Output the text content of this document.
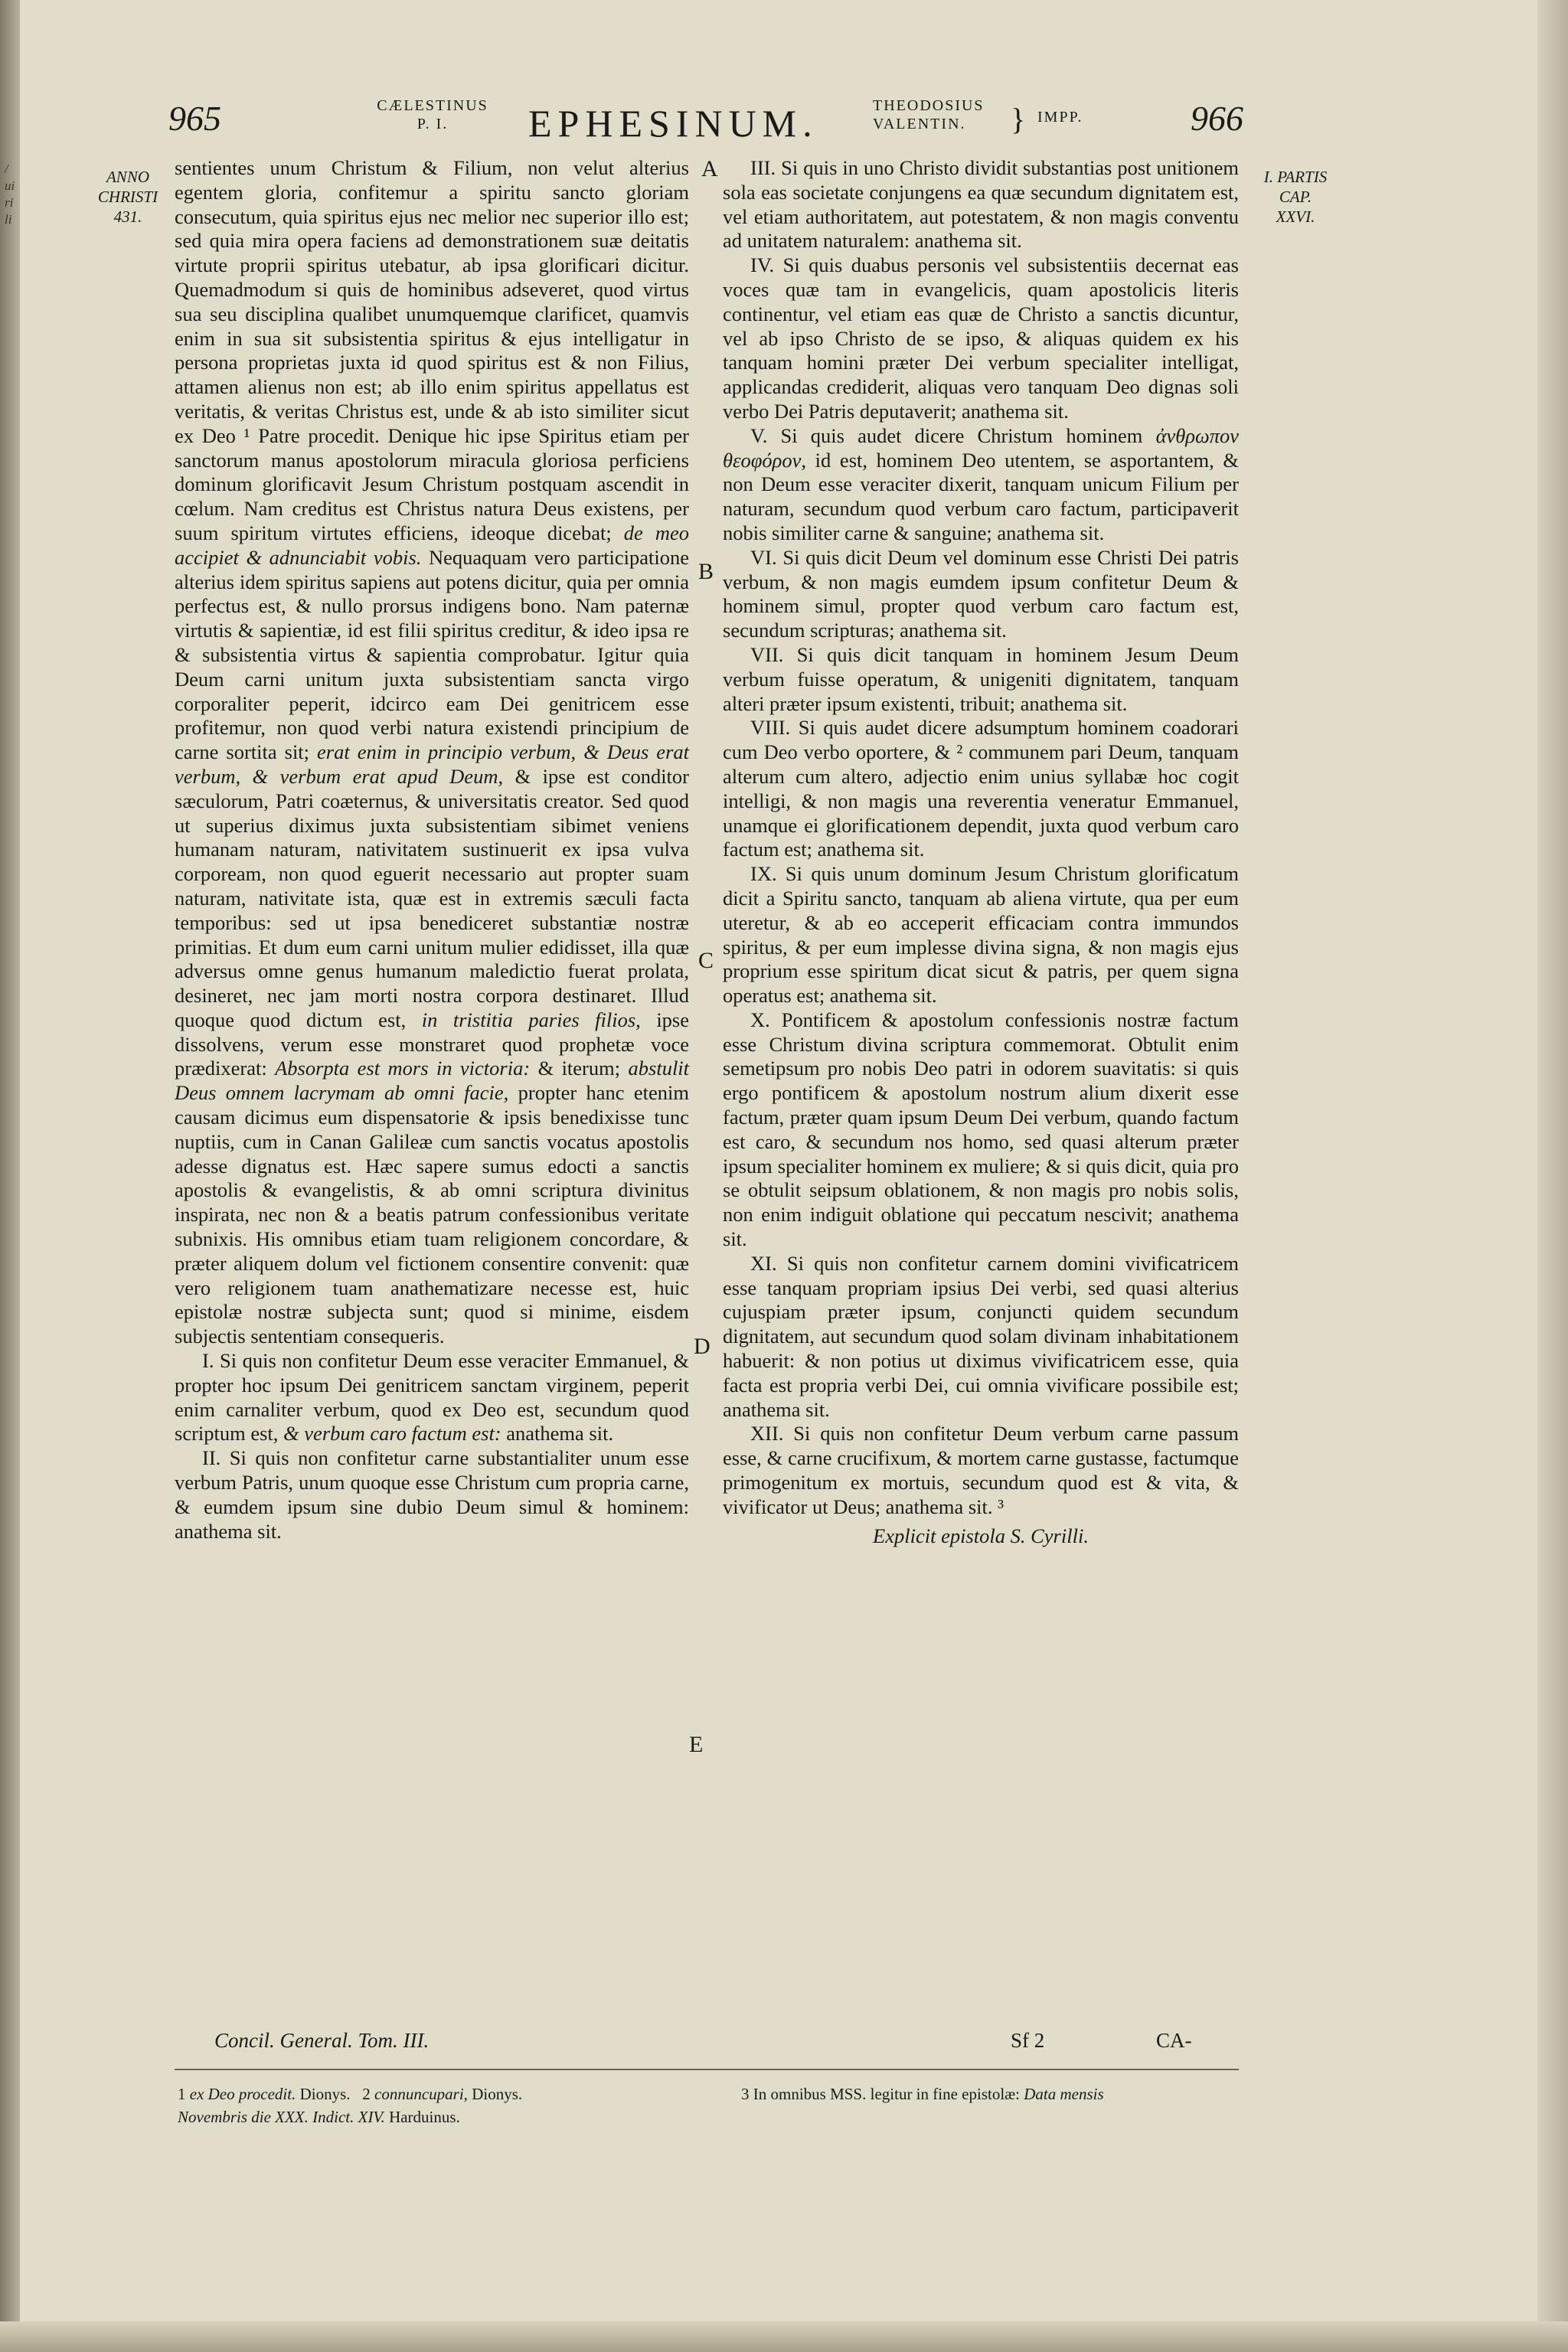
/
ui
ri
li
965	CÆLESTINUS
P. I.	EPHESINUM.	THEODOSIUS
VALENTIN.	} IMPP.	966
ANNO
CHRISTI
431.
I. PARTIS
CAP.
XXVI.
A
B
C
D
E

sentientes unum Christum & Filium, non velut alterius egentem gloria, confitemur a spiritu sancto gloriam consecutum, quia spiritus ejus nec melior nec superior illo est; sed quia mira opera faciens ad demonstrationem suæ deitatis virtute proprii spiritus utebatur, ab ipsa glorificari dicitur. Quemadmodum si quis de hominibus adseveret, quod virtus sua seu disciplina qualibet unumquemque clarificet, quamvis enim in sua sit subsistentia spiritus & ejus intelligatur in persona proprietas juxta id quod spiritus est & non Filius, attamen alienus non est; ab illo enim spiritus appellatus est veritatis, & veritas Christus est, unde & ab isto similiter sicut ex Deo ¹ Patre procedit. Denique hic ipse Spiritus etiam per sanctorum manus apostolorum miracula gloriosa perficiens dominum glorificavit Jesum Christum postquam ascendit in cœlum. Nam creditus est Christus natura Deus existens, per suum spiritum virtutes efficiens, ideoque dicebat; de meo accipiet & adnunciabit vobis. Nequaquam vero participatione alterius idem spiritus sapiens aut potens dicitur, quia per omnia perfectus est, & nullo prorsus indigens bono. Nam paternæ virtutis & sapientiæ, id est filii spiritus creditur, & ideo ipsa re & subsistentia virtus & sapientia comprobatur. Igitur quia Deum carni unitum juxta subsistentiam sancta virgo corporaliter peperit, idcirco eam Dei genitricem esse profitemur, non quod verbi natura existendi principium de carne sortita sit; erat enim in principio verbum, & Deus erat verbum, & verbum erat apud Deum, & ipse est conditor sæculorum, Patri coæternus, & universitatis creator. Sed quod ut superius diximus juxta subsistentiam sibimet veniens humanam naturam, nativitatem sustinuerit ex ipsa vulva corpoream, non quod eguerit necessario aut propter suam naturam, nativitate ista, quæ est in extremis sæculi facta temporibus: sed ut ipsa benediceret substantiæ nostræ primitias. Et dum eum carni unitum mulier edidisset, illa quæ adversus omne genus humanum maledictio fuerat prolata, desineret, nec jam morti nostra corpora destinaret. Illud quoque quod dictum est, in tristitia paries filios, ipse dissolvens, verum esse monstraret quod prophetæ voce prædixerat: Absorpta est mors in victoria: & iterum; abstulit Deus omnem lacrymam ab omni facie, propter hanc etenim causam dicimus eum dispensatorie & ipsis benedixisse tunc nuptiis, cum in Canan Galileæ cum sanctis vocatus apostolis adesse dignatus est. Hæc sapere sumus edocti a sanctis apostolis & evangelistis, & ab omni scriptura divinitus inspirata, nec non & a beatis patrum confessionibus veritate subnixis. His omnibus etiam tuam religionem concordare, & præter aliquem dolum vel fictionem consentire convenit: quæ vero religionem tuam anathematizare necesse est, huic epistolæ nostræ subjecta sunt; quod si minime, eisdem subjectis sententiam consequeris.

I. Si quis non confitetur Deum esse veraciter Emmanuel, & propter hoc ipsum Dei genitricem sanctam virginem, peperit enim carnaliter verbum, quod ex Deo est, secundum quod scriptum est, & verbum caro factum est: anathema sit.

II. Si quis non confitetur carne substantialiter unum esse verbum Patris, unum quoque esse Christum cum propria carne, & eumdem ipsum sine dubio Deum simul & hominem: anathema sit.

III. Si quis in uno Christo dividit substantias post unitionem sola eas societate conjungens ea quæ secundum dignitatem est, vel etiam authoritatem, aut potestatem, & non magis conventu ad unitatem naturalem: anathema sit.

IV. Si quis duabus personis vel subsistentiis decernat eas voces quæ tam in evangelicis, quam apostolicis literis continentur, vel etiam eas quæ de Christo a sanctis dicuntur, vel ab ipso Christo de se ipso, & aliquas quidem ex his tanquam homini præter Dei verbum specialiter intelligat, applicandas crediderit, aliquas vero tanquam Deo dignas soli verbo Dei Patris deputaverit; anathema sit.

V. Si quis audet dicere Christum hominem ἀνθρωπον θεοφόρον, id est, hominem Deo utentem, se asportantem, & non Deum esse veraciter dixerit, tanquam unicum Filium per naturam, secundum quod verbum caro factum, participaverit nobis similiter carne & sanguine; anathema sit.

VI. Si quis dicit Deum vel dominum esse Christi Dei patris verbum, & non magis eumdem ipsum confitetur Deum & hominem simul, propter quod verbum caro factum est, secundum scripturas; anathema sit.

VII. Si quis dicit tanquam in hominem Jesum Deum verbum fuisse operatum, & unigeniti dignitatem, tanquam alteri præter ipsum existenti, tribuit; anathema sit.

VIII. Si quis audet dicere adsumptum hominem coadorari cum Deo verbo oportere, & ² communem pari Deum, tanquam alterum cum altero, adjectio enim unius syllabæ hoc cogit intelligi, & non magis una reverentia veneratur Emmanuel, unamque ei glorificationem dependit, juxta quod verbum caro factum est; anathema sit.

IX. Si quis unum dominum Jesum Christum glorificatum dicit a Spiritu sancto, tanquam ab aliena virtute, qua per eum uteretur, & ab eo acceperit efficaciam contra immundos spiritus, & per eum implesse divina signa, & non magis ejus proprium esse spiritum dicat sicut & patris, per quem signa operatus est; anathema sit.

X. Pontificem & apostolum confessionis nostræ factum esse Christum divina scriptura commemorat. Obtulit enim semetipsum pro nobis Deo patri in odorem suavitatis: si quis ergo pontificem & apostolum nostrum alium dixerit esse factum, præter quam ipsum Deum Dei verbum, quando factum est caro, & secundum nos homo, sed quasi alterum præter ipsum specialiter hominem ex muliere; & si quis dicit, quia pro se obtulit seipsum oblationem, & non magis pro nobis solis, non enim indiguit oblatione qui peccatum nescivit; anathema sit.

XI. Si quis non confitetur carnem domini vivificatricem esse tanquam propriam ipsius Dei verbi, sed quasi alterius cujuspiam præter ipsum, conjuncti quidem secundum dignitatem, aut secundum quod solam divinam inhabitationem habuerit: & non potius ut diximus vivificatricem esse, quia facta est propria verbi Dei, cui omnia vivificare possibile est; anathema sit.

XII. Si quis non confitetur Deum verbum carne passum esse, & carne crucifixum, & mortem carne gustasse, factumque primogenitum ex mortuis, secundum quod est & vita, & vivificator ut Deus; anathema sit. ³

Explicit epistola S. Cyrilli.

Concil. General. Tom. III.	Sf 2	CA-
1 ex Deo procedit. Dionys. 2 connuncupari, Dionys.
Novembris die XXX. Indict. XIV. Harduinus.
3 In omnibus MSS. legitur in fine epistolæ: Data mensis
